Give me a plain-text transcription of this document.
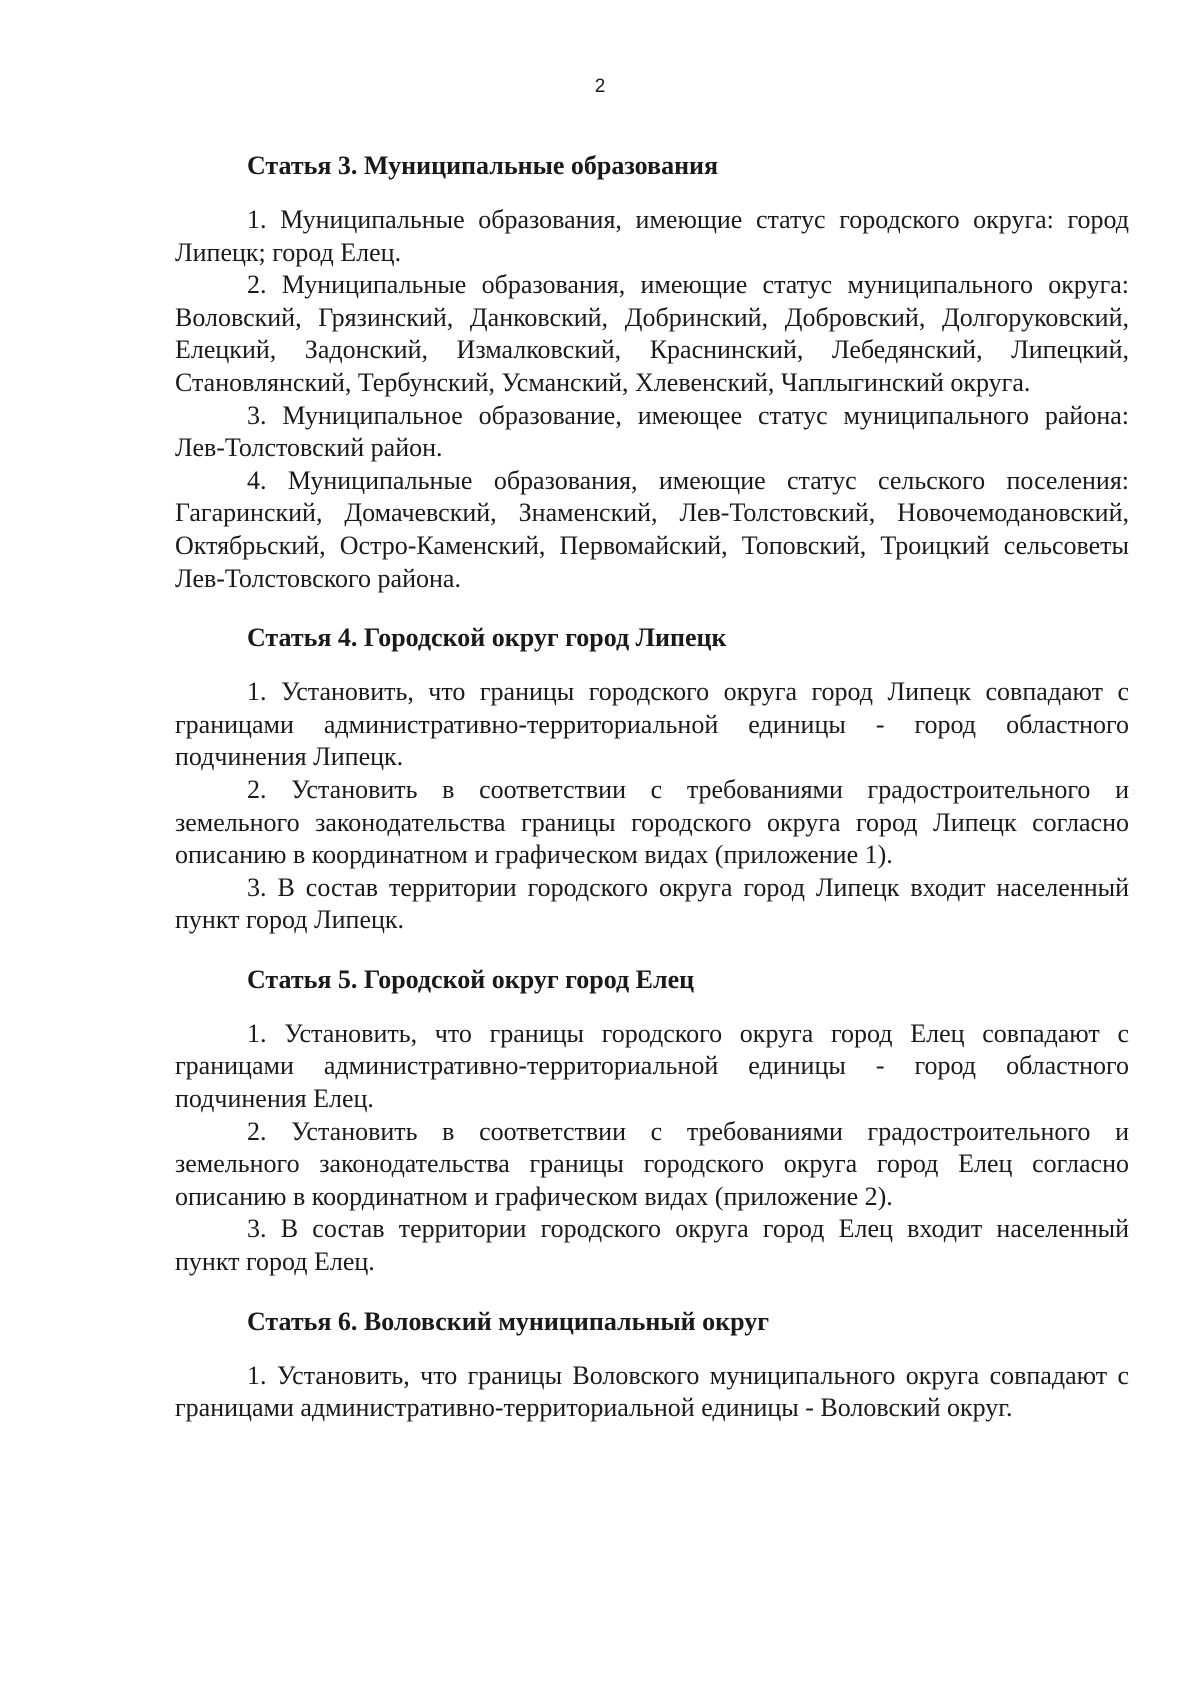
2
Статья 3. Муниципальные образования

1. Муниципальные образования, имеющие статус городского округа: город Липецк; город Елец.

2. Муниципальные образования, имеющие статус муниципального округа: Воловский, Грязинский, Данковский, Добринский, Добровский, Долгоруковский, Елецкий, Задонский, Измалковский, Краснинский, Лебедянский, Липецкий, Становлянский, Тербунский, Усманский, Хлевенский, Чаплыгинский округа.

3. Муниципальное образование, имеющее статус муниципального района: Лев-Толстовский район.

4. Муниципальные образования, имеющие статус сельского поселения: Гагаринский, Домачевский, Знаменский, Лев-Толстовский, Новочемодановский, Октябрьский, Остро-Каменский, Первомайский, Топовский, Троицкий сельсоветы Лев-Толстовского района.

Статья 4. Городской округ город Липецк

1. Установить, что границы городского округа город Липецк совпадают с границами административно-территориальной единицы - город областного подчинения Липецк.

2. Установить в соответствии с требованиями градостроительного и земельного законодательства границы городского округа город Липецк согласно описанию в координатном и графическом видах (приложение 1).

3. В состав территории городского округа город Липецк входит населенный пункт город Липецк.

Статья 5. Городской округ город Елец

1. Установить, что границы городского округа город Елец совпадают с границами административно-территориальной единицы - город областного подчинения Елец.

2. Установить в соответствии с требованиями градостроительного и земельного законодательства границы городского округа город Елец согласно описанию в координатном и графическом видах (приложение 2).

3. В состав территории городского округа город Елец входит населенный пункт город Елец.

Статья 6. Воловский муниципальный округ

1. Установить, что границы Воловского муниципального округа совпадают с границами административно-территориальной единицы - Воловский округ.
